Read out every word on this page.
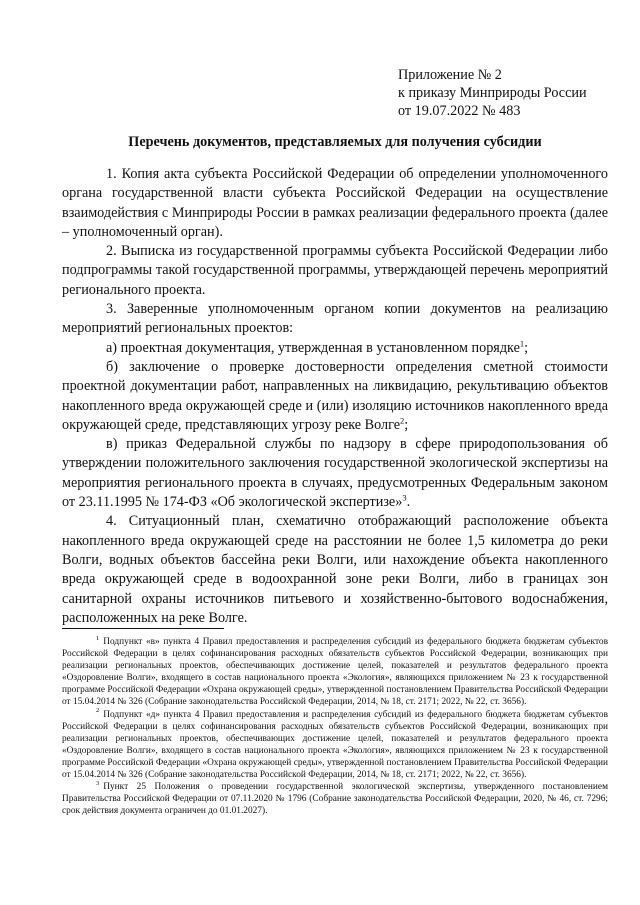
Приложение № 2
к приказу Минприроды России
от 19.07.2022 № 483
Перечень документов, представляемых для получения субсидии

1. Копия акта субъекта Российской Федерации об определении уполномоченного органа государственной власти субъекта Российской Федерации на осуществление взаимодействия с Минприроды России в рамках реализации федерального проекта (далее – уполномоченный орган).

2. Выписка из государственной программы субъекта Российской Федерации либо подпрограммы такой государственной программы, утверждающей перечень мероприятий регионального проекта.

3. Заверенные уполномоченным органом копии документов на реализацию мероприятий региональных проектов:

а) проектная документация, утвержденная в установленном порядке$^1$;

б) заключение о проверке достоверности определения сметной стоимости проектной документации работ, направленных на ликвидацию, рекультивацию объектов накопленного вреда окружающей среде и (или) изоляцию источников накопленного вреда окружающей среде, представляющих угрозу реке Волге$^2$;

в) приказ Федеральной службы по надзору в сфере природопользования об утверждении положительного заключения государственной экологической экспертизы на мероприятия регионального проекта в случаях, предусмотренных Федеральным законом от 23.11.1995 № 174-ФЗ «Об экологической экспертизе»$^3$.

4. Ситуационный план, схематично отображающий расположение объекта накопленного вреда окружающей среде на расстоянии не более 1,5 километра до реки Волги, водных объектов бассейна реки Волги, или нахождение объекта накопленного вреда окружающей среде в водоохранной зоне реки Волги, либо в границах зон санитарной охраны источников питьевого и хозяйственно-бытового водоснабжения, расположенных на реке Волге.

$^1$ Подпункт «в» пункта 4 Правил предоставления и распределения субсидий из федерального бюджета бюджетам субъектов Российской Федерации в целях софинансирования расходных обязательств субъектов Российской Федерации, возникающих при реализации региональных проектов, обеспечивающих достижение целей, показателей и результатов федерального проекта «Оздоровление Волги», входящего в состав национального проекта «Экология», являющихся приложением № 23 к государственной программе Российской Федерации «Охрана окружающей среды», утвержденной постановлением Правительства Российской Федерации от 15.04.2014 № 326 (Собрание законодательства Российской Федерации, 2014, № 18, ст. 2171; 2022, № 22, ст. 3656).

$^2$ Подпункт «д» пункта 4 Правил предоставления и распределения субсидий из федерального бюджета бюджетам субъектов Российской Федерации в целях софинансирования расходных обязательств субъектов Российской Федерации, возникающих при реализации региональных проектов, обеспечивающих достижение целей, показателей и результатов федерального проекта «Оздоровление Волги», входящего в состав национального проекта «Экология», являющихся приложением № 23 к государственной программе Российской Федерации «Охрана окружающей среды», утвержденной постановлением Правительства Российской Федерации от 15.04.2014 № 326 (Собрание законодательства Российской Федерации, 2014, № 18, ст. 2171; 2022, № 22, ст. 3656).

$^3$ Пункт 25 Положения о проведении государственной экологической экспертизы, утвержденного постановлением Правительства Российской Федерации от 07.11.2020 № 1796 (Собрание законодательства Российской Федерации, 2020, № 46, ст. 7296; срок действия документа ограничен до 01.01.2027).
